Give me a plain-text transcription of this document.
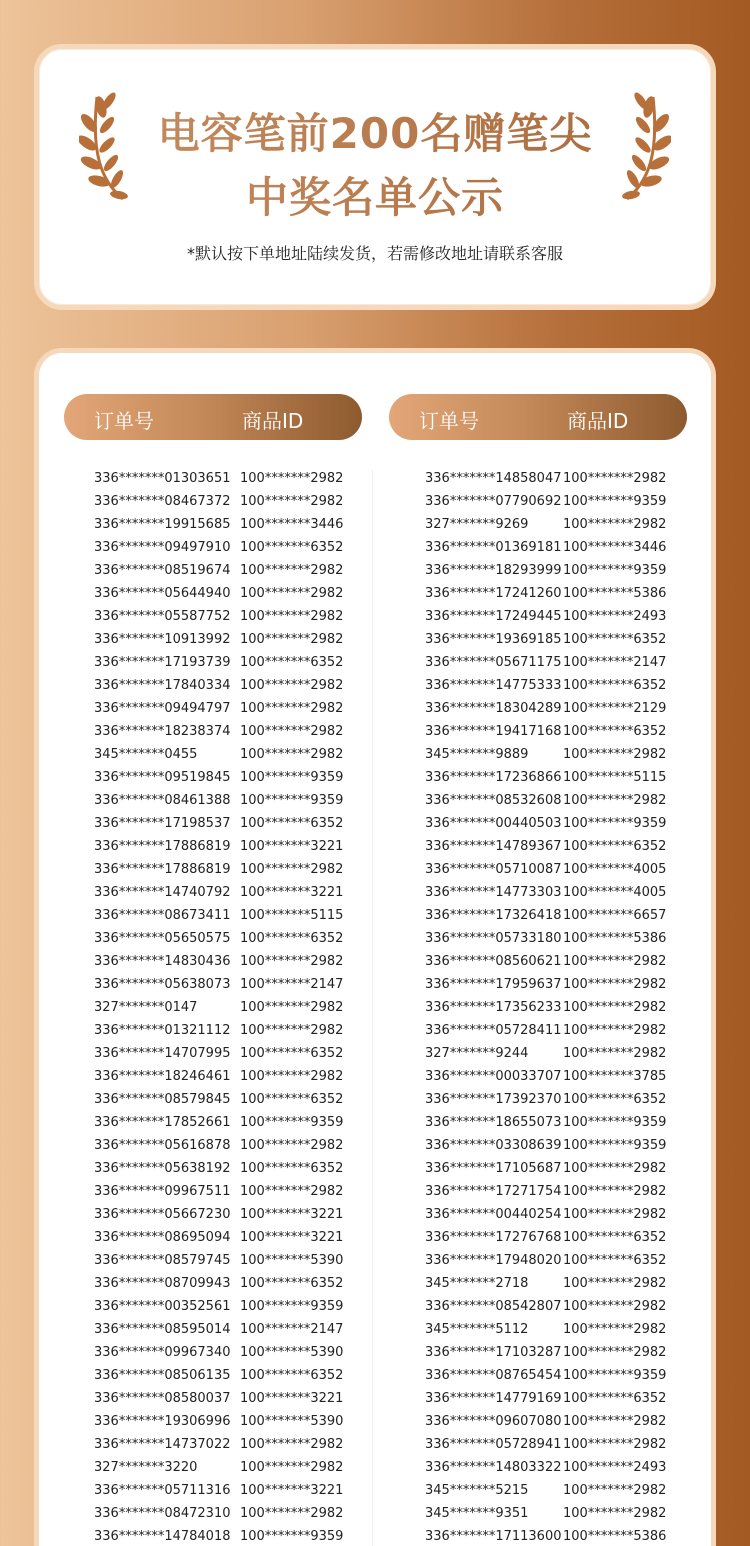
电容笔前200名赠笔尖
中奖名单公示
*默认按下单地址陆续发货，若需修改地址请联系客服
订单号	商品ID	订单号	商品ID
336*******01303651 100*******2982
336*******08467372 100*******2982
336*******19915685 100*******3446
336*******09497910 100*******6352
336*******08519674 100*******2982
336*******05644940 100*******2982
336*******05587752 100*******2982
336*******10913992 100*******2982
336*******17193739 100*******6352
336*******17840334 100*******2982
336*******09494797 100*******2982
336*******18238374 100*******2982
345*******0455	100*******2982
336*******09519845 100*******9359
336*******08461388 100*******9359
336*******17198537 100*******6352
336*******17886819 100*******3221
336*******17886819 100*******2982
336*******14740792 100*******3221
336*******08673411 100*******5115
336*******05650575 100*******6352
336*******14830436 100*******2982
336*******05638073 100*******2147
327*******0147	100*******2982
336*******01321112 100*******2982
336*******14707995 100*******6352
336*******18246461 100*******2982
336*******08579845 100*******6352
336*******17852661 100*******9359
336*******05616878 100*******2982
336*******05638192 100*******6352
336*******09967511 100*******2982
336*******05667230 100*******3221
336*******08695094 100*******3221
336*******08579745 100*******5390
336*******08709943 100*******6352
336*******00352561 100*******9359
336*******08595014 100*******2147
336*******09967340 100*******5390
336*******08506135 100*******6352
336*******08580037 100*******3221
336*******19306996 100*******5390
336*******14737022 100*******2982
327*******3220	100*******2982
336*******05711316 100*******3221
336*******08472310 100*******2982
336*******14784018 100*******9359
336*******14858047 100*******2982
336*******07790692 100*******9359
327*******9269	100*******2982
336*******01369181 100*******3446
336*******18293999 100*******9359
336*******17241260 100*******5386
336*******17249445 100*******2493
336*******19369185 100*******6352
336*******05671175 100*******2147
336*******14775333 100*******6352
336*******18304289 100*******2129
336*******19417168 100*******6352
345*******9889	100*******2982
336*******17236866 100*******5115
336*******08532608 100*******2982
336*******00440503 100*******9359
336*******14789367 100*******6352
336*******05710087 100*******4005
336*******14773303 100*******4005
336*******17326418 100*******6657
336*******05733180 100*******5386
336*******08560621 100*******2982
336*******17959637 100*******2982
336*******17356233 100*******2982
336*******05728411 100*******2982
327*******9244	100*******2982
336*******00033707 100*******3785
336*******17392370 100*******6352
336*******18655073 100*******9359
336*******03308639 100*******9359
336*******17105687 100*******2982
336*******17271754 100*******2982
336*******00440254 100*******2982
336*******17276768 100*******6352
336*******17948020 100*******6352
345*******2718	100*******2982
336*******08542807 100*******2982
345*******5112	100*******2982
336*******17103287 100*******2982
336*******08765454 100*******9359
336*******14779169 100*******6352
336*******09607080 100*******2982
336*******05728941 100*******2982
336*******14803322 100*******2493
345*******5215	100*******2982
345*******9351	100*******2982
336*******17113600 100*******5386
